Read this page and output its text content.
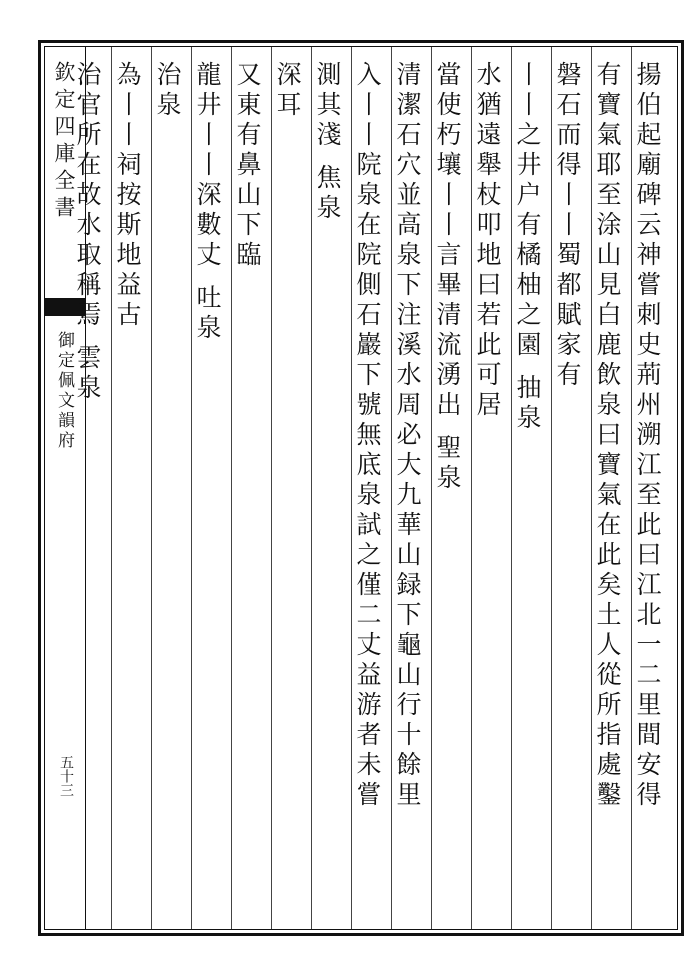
欽定四庫全書
御定佩文韻府
五十三	揚伯起廟碑云神嘗刺史荊州溯江至此曰江北一二里間安得
有寶氣耶至涂山見白鹿飲泉曰寶氣在此矣土人從所指處鑿
磐石而得丨丨蜀都賦家有
丨丨之井户有橘柚之園 抽泉
水猶遠舉杖叩地曰若此可居
當使朽壤丨丨言畢清流湧出 聖泉
清潔石穴並高泉下注溪水周必大九華山録下龜山行十餘里
入丨丨院泉在院側石巖下號無底泉試之僅二丈益游者未嘗
測其淺 焦泉
深耳
又東有鼻山下臨
龍井丨丨深數丈 吐泉
治泉
為丨丨祠按斯地益古
治官所在故水取稱焉 雲泉
